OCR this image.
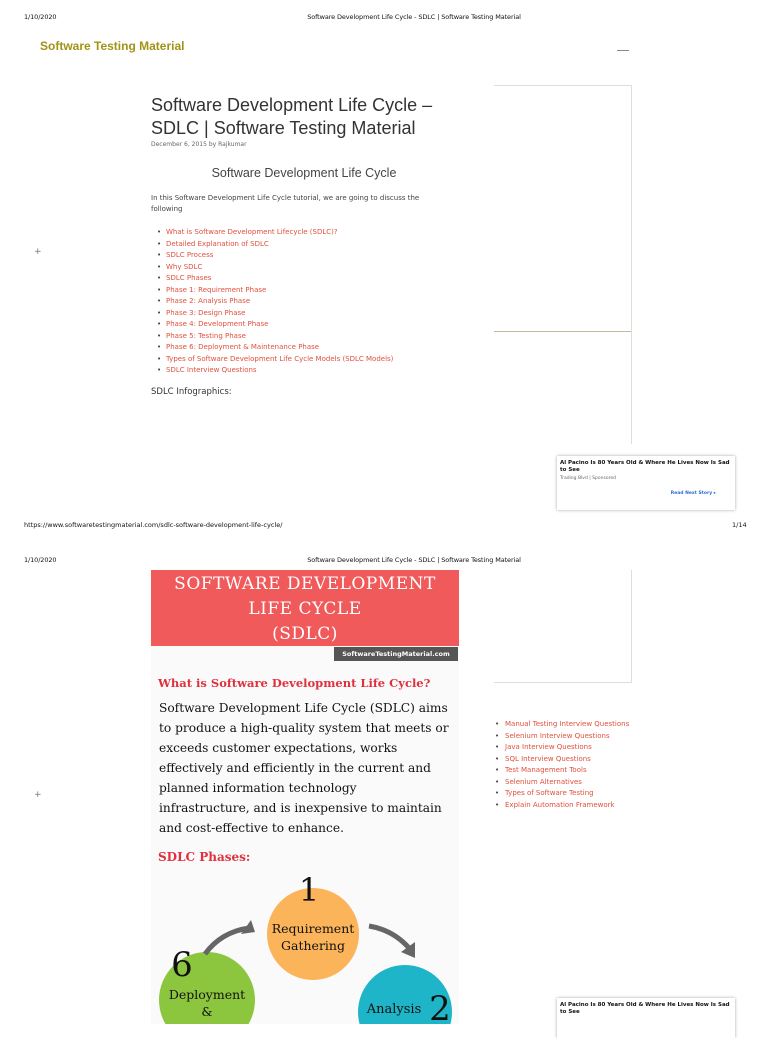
1/10/2020	Software Development Life Cycle - SDLC | Software Testing Material
Software Testing Material
+
Software Development Life Cycle – SDLC | Software Testing Material
December 6, 2015 by Rajkumar
Software Development Life Cycle
In this Software Development Life Cycle tutorial, we are going to discuss the following
• What is Software Development Lifecycle (SDLC)?
• Detailed Explanation of SDLC
• SDLC Process
• Why SDLC
• SDLC Phases
• Phase 1: Requirement Phase
• Phase 2: Analysis Phase
• Phase 3: Design Phase
• Phase 4: Development Phase
• Phase 5: Testing Phase
• Phase 6: Deployment & Maintenance Phase
• Types of Software Development Life Cycle Models (SDLC Models)
• SDLC Interview Questions
SDLC Infographics:
Al Pacino Is 80 Years Old & Where He Lives Now Is Sad to See
Trading Blvd | Sponsored
Read Next Story ▸
https://www.softwaretestingmaterial.com/sdlc-software-development-life-cycle/	1/14
1/10/2020	Software Development Life Cycle - SDLC | Software Testing Material
+
SOFTWARE DEVELOPMENT
LIFE CYCLE
(SDLC)
SoftwareTestingMaterial.com
What is Software Development Life Cycle?
Software Development Life Cycle (SDLC) aims
to produce a high-quality system that meets or
exceeds customer expectations, works
effectively and efficiently in the current and
planned information technology
infrastructure, and is inexpensive to maintain
and cost-effective to enhance.
SDLC Phases:
1
Requirement
Gathering
Analysis 2
6
Deployment
&
• Manual Testing Interview Questions
• Selenium Interview Questions
• Java Interview Questions
• SQL Interview Questions
• Test Management Tools
• Selenium Alternatives
• Types of Software Testing
• Explain Automation Framework
Al Pacino Is 80 Years Old & Where He Lives Now Is Sad to See
